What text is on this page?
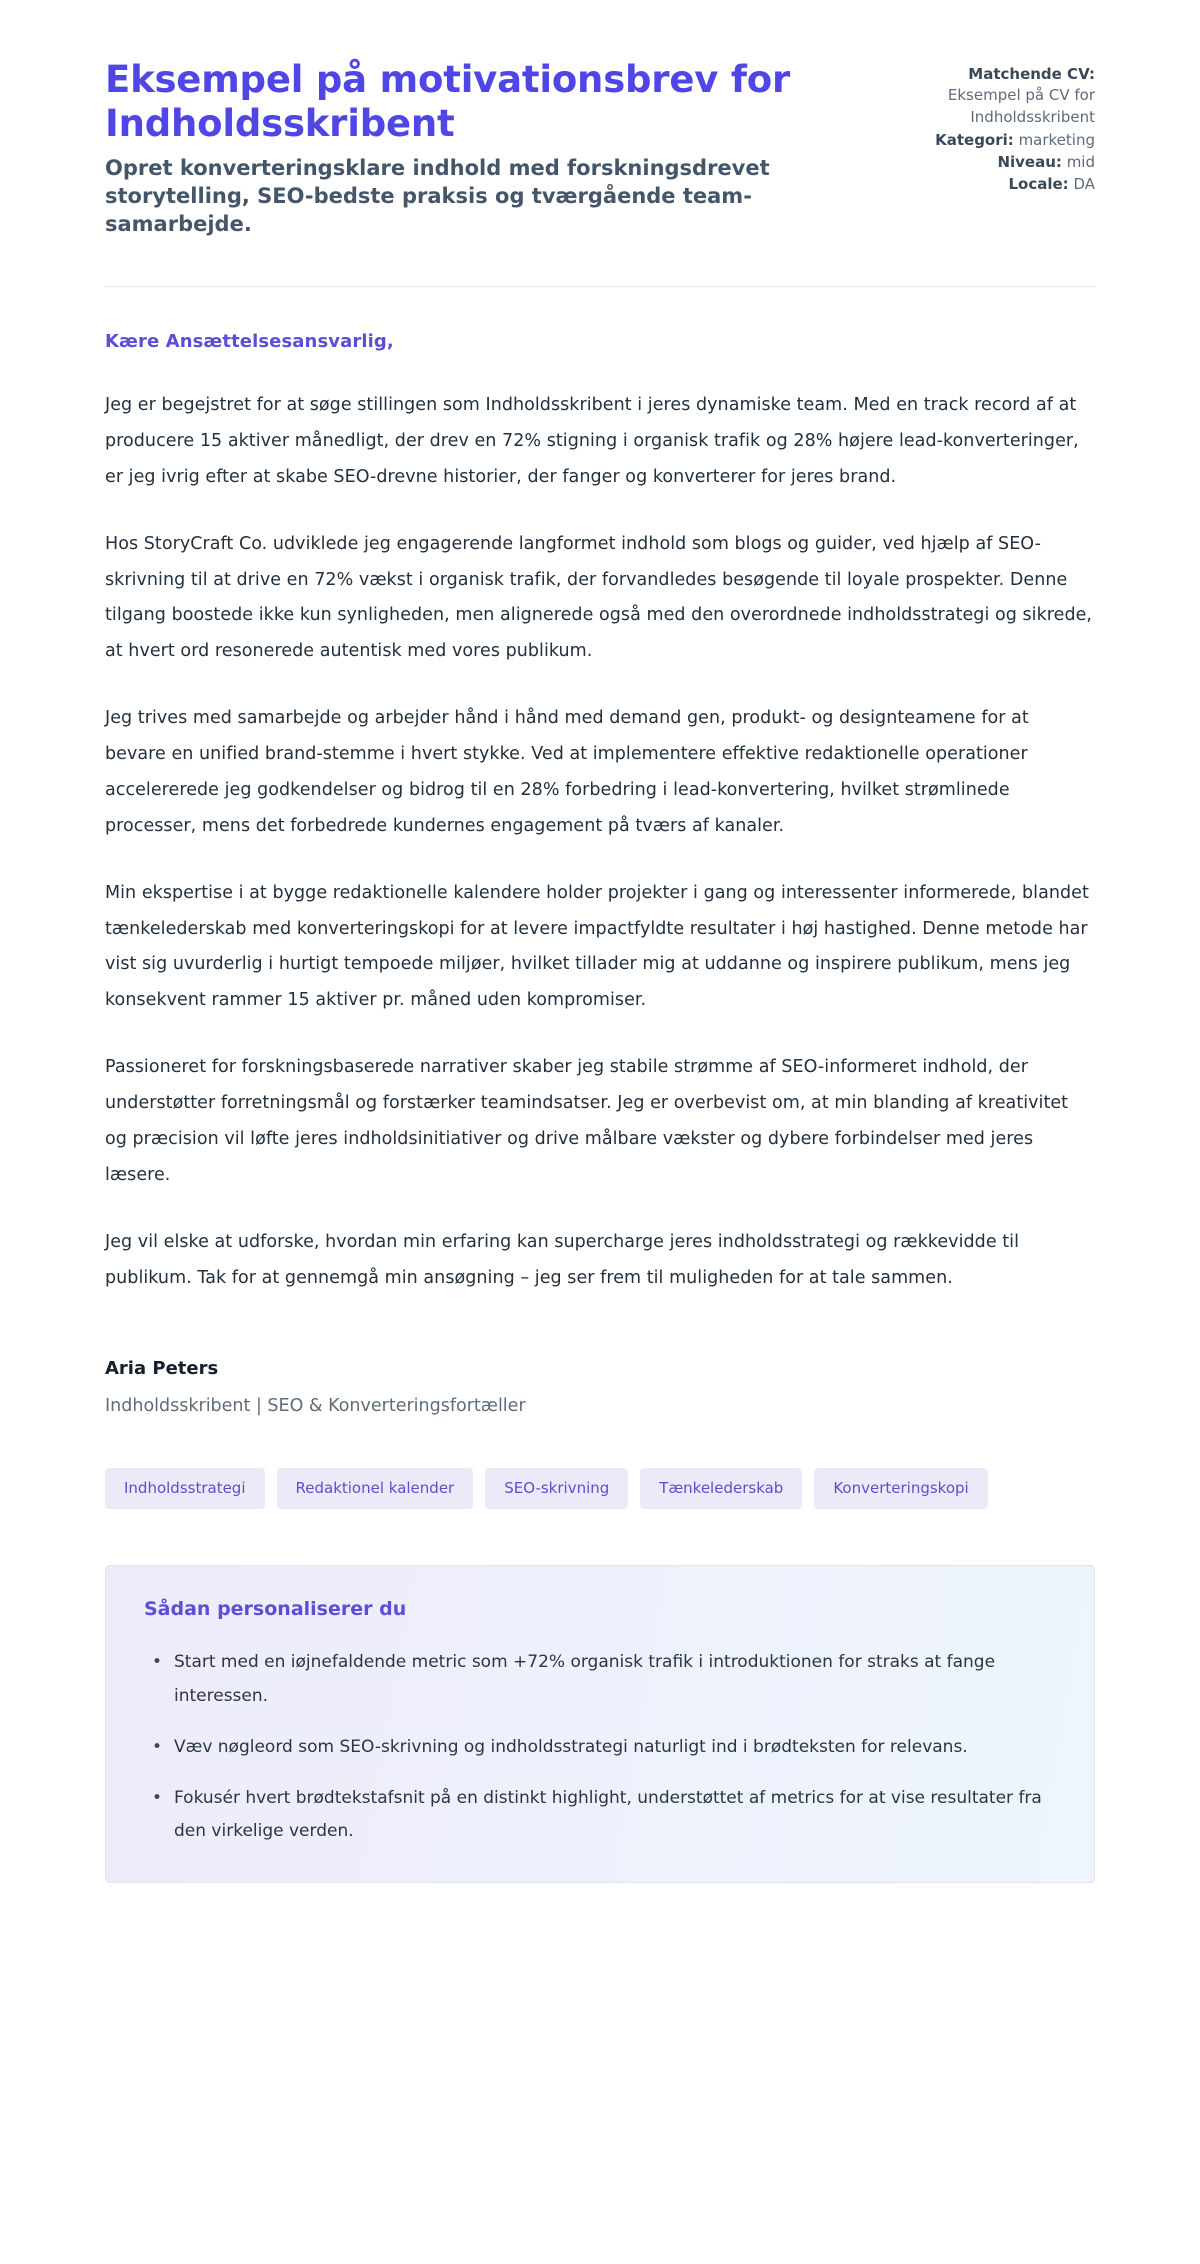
Eksempel på motivationsbrev for Indholdsskribent

Opret konverteringsklare indhold med forskningsdrevet storytelling, SEO-bedste praksis og tværgående team-samarbejde.

Matchende CV:
Eksempel på CV for Indholdsskribent
Kategori: marketing
Niveau: mid
Locale: DA
Kære Ansættelsesansvarlig,

Jeg er begejstret for at søge stillingen som Indholdsskribent i jeres dynamiske team. Med en track record af at producere 15 aktiver månedligt, der drev en 72% stigning i organisk trafik og 28% højere lead-konverteringer, er jeg ivrig efter at skabe SEO-drevne historier, der fanger og konverterer for jeres brand.

Hos StoryCraft Co. udviklede jeg engagerende langformet indhold som blogs og guider, ved hjælp af SEO-skrivning til at drive en 72% vækst i organisk trafik, der forvandledes besøgende til loyale prospekter. Denne tilgang boostede ikke kun synligheden, men alignerede også med den overordnede indholdsstrategi og sikrede, at hvert ord resonerede autentisk med vores publikum.

Jeg trives med samarbejde og arbejder hånd i hånd med demand gen, produkt- og designteamene for at bevare en unified brand-stemme i hvert stykke. Ved at implementere effektive redaktionelle operationer accelererede jeg godkendelser og bidrog til en 28% forbedring i lead-konvertering, hvilket strømlinede processer, mens det forbedrede kundernes engagement på tværs af kanaler.

Min ekspertise i at bygge redaktionelle kalendere holder projekter i gang og interessenter informerede, blandet tænkelederskab med konverteringskopi for at levere impactfyldte resultater i høj hastighed. Denne metode har vist sig uvurderlig i hurtigt tempoede miljøer, hvilket tillader mig at uddanne og inspirere publikum, mens jeg konsekvent rammer 15 aktiver pr. måned uden kompromiser.

Passioneret for forskningsbaserede narrativer skaber jeg stabile strømme af SEO-informeret indhold, der understøtter forretningsmål og forstærker teamindsatser. Jeg er overbevist om, at min blanding af kreativitet og præcision vil løfte jeres indholdsinitiativer og drive målbare vækster og dybere forbindelser med jeres læsere.

Jeg vil elske at udforske, hvordan min erfaring kan supercharge jeres indholdsstrategi og rækkevidde til publikum. Tak for at gennemgå min ansøgning – jeg ser frem til muligheden for at tale sammen.

Aria Peters
Indholdsskribent | SEO & Konverteringsfortæller
Indholdsstrategi	Redaktionel kalender	SEO-skrivning	Tænkelederskab	Konverteringskopi
Sådan personaliserer du
• Start med en iøjnefaldende metric som +72% organisk trafik i introduktionen for straks at fange interessen.
• Væv nøgleord som SEO-skrivning og indholdsstrategi naturligt ind i brødteksten for relevans.
• Fokusér hvert brødtekstafsnit på en distinkt highlight, understøttet af metrics for at vise resultater fra den virkelige verden.
